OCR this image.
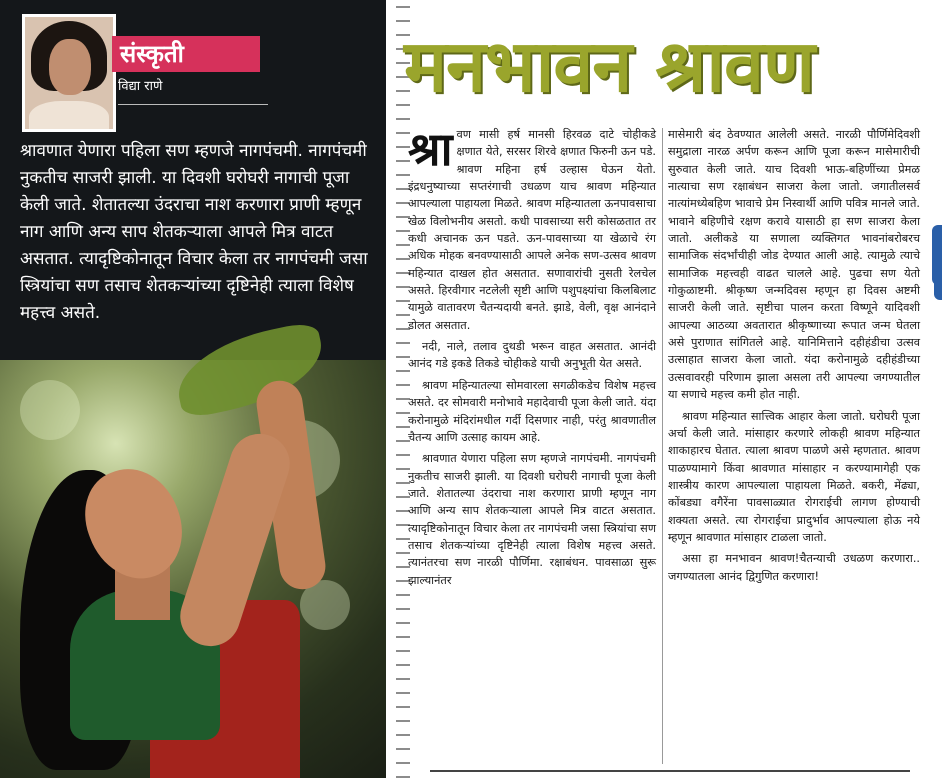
संस्कृती
विद्या राणे
श्रावणात येणारा पहिला सण म्हणजे नागपंचमी. नागपंचमी नुकतीच साजरी झाली. या दिवशी घरोघरी नागाची पूजा केली जाते. शेतातल्या उंदराचा नाश करणारा प्राणी म्हणून नाग आणि अन्य साप शेतकऱ्याला आपले मित्र वाटत असतात. त्यादृष्टिकोनातून विचार केला तर नागपंचमी जसा स्त्रियांचा सण तसाच शेतकऱ्यांच्या दृष्टिनेही त्याला विशेष महत्त्व असते.
मनभावन श्रावण

श्रा वण मासी हर्ष मानसी हिरवळ दाटे चोहीकडे क्षणात येते, सरसर शिरवे क्षणात फिरुनी ऊन पडे. श्रावण महिना हर्ष उल्हास घेऊन येतो. इंद्रधनुष्याच्या सप्तरंगाची उधळण याच श्रावण महिन्यात आपल्याला पाहायला मिळते. श्रावण महिन्यातला ऊनपावसाचा खेळ विलोभनीय असतो. कधी पावसाच्या सरी कोसळतात तर कधी अचानक ऊन पडते. ऊन-पावसाच्या या खेळाचे रंग अधिक मोहक बनवण्यासाठी आपले अनेक सण-उत्सव श्रावण महिन्यात दाखल होत असतात. सणावारांची नुसती रेलचेल असते. हिरवीगार नटलेली सृष्टी आणि पशुपक्ष्यांचा किलबिलाट यामुळे वातावरण चैतन्यदायी बनते. झाडे, वेली, वृक्ष आनंदाने डोलत असतात.

नदी, नाले, तलाव दुथडी भरून वाहत असतात. आनंदी आनंद गडे इकडे तिकडे चोहीकडे याची अनुभूती येत असते.

श्रावण महिन्यातल्या सोमवारला सगळीकडेच विशेष महत्त्व असते. दर सोमवारी मनोभावे महादेवाची पूजा केली जाते. यंदा करोनामुळे मंदिरांमधील गर्दी दिसणार नाही, परंतु श्रावणातील चैतन्य आणि उत्साह कायम आहे.

श्रावणात येणारा पहिला सण म्हणजे नागपंचमी. नागपंचमी नुकतीच साजरी झाली. या दिवशी घरोघरी नागाची पूजा केली जाते. शेतातल्या उंदराचा नाश करणारा प्राणी म्हणून नाग आणि अन्य साप शेतकऱ्याला आपले मित्र वाटत असतात. त्यादृष्टिकोनातून विचार केला तर नागपंचमी जसा स्त्रियांचा सण तसाच शेतकऱ्यांच्या दृष्टिनेही त्याला विशेष महत्त्व असते. त्यानंतरचा सण नारळी पौर्णिमा. रक्षाबंधन. पावसाळा सुरू झाल्यानंतर

मासेमारी बंद ठेवण्यात आलेली असते. नारळी पौर्णिमेदिवशी समुद्राला नारळ अर्पण करून आणि पूजा करून मासेमारीची सुरुवात केली जाते. याच दिवशी भाऊ-बहिणींच्या प्रेमळ नात्याचा सण रक्षाबंधन साजरा केला जातो. जगातीलसर्व नात्यांमध्येबहिण भावाचे प्रेम निस्वार्थी आणि पवित्र मानले जाते. भावाने बहिणीचे रक्षण करावे यासाठी हा सण साजरा केला जातो. अलीकडे या सणाला व्यक्तिगत भावनांबरोबरच सामाजिक संदर्भांचीही जोड देण्यात आली आहे. त्यामुळे त्याचे सामाजिक महत्त्वही वाढत चालले आहे. पुढचा सण येतो गोकुळाष्टमी. श्रीकृष्ण जन्मदिवस म्हणून हा दिवस अष्टमी साजरी केली जाते. सृष्टीचा पालन करता विष्णूने यादिवशी आपल्या आठव्या अवतारात श्रीकृष्णाच्या रूपात जन्म घेतला असे पुराणात सांगितले आहे. यानिमित्ताने दहीहंडीचा उत्सव उत्साहात साजरा केला जातो. यंदा करोनामुळे दहीहंडीच्या उत्सवावरही परिणाम झाला असला तरी आपल्या जगण्यातील या सणाचे महत्त्व कमी होत नाही.

श्रावण महिन्यात सात्त्विक आहार केला जातो. घरोघरी पूजा अर्चा केली जाते. मांसाहार करणारे लोकही श्रावण महिन्यात शाकाहारच घेतात. त्याला श्रावण पाळणे असे म्हणतात. श्रावण पाळण्यामागे किंवा श्रावणात मांसाहार न करण्यामागेही एक शास्त्रीय कारण आपल्याला पाहायला मिळते. बकरी, मेंढ्या, कोंबड्या वगैरेंना पावसाळ्यात रोगराईची लागण होण्याची शक्यता असते. त्या रोगराईचा प्रादुर्भाव आपल्याला होऊ नये म्हणून श्रावणात मांसाहार टाळला जातो.

असा हा मनभावन श्रावण!चैतन्याची उधळण करणारा.. जगण्यातला आनंद द्विगुणित करणारा!
